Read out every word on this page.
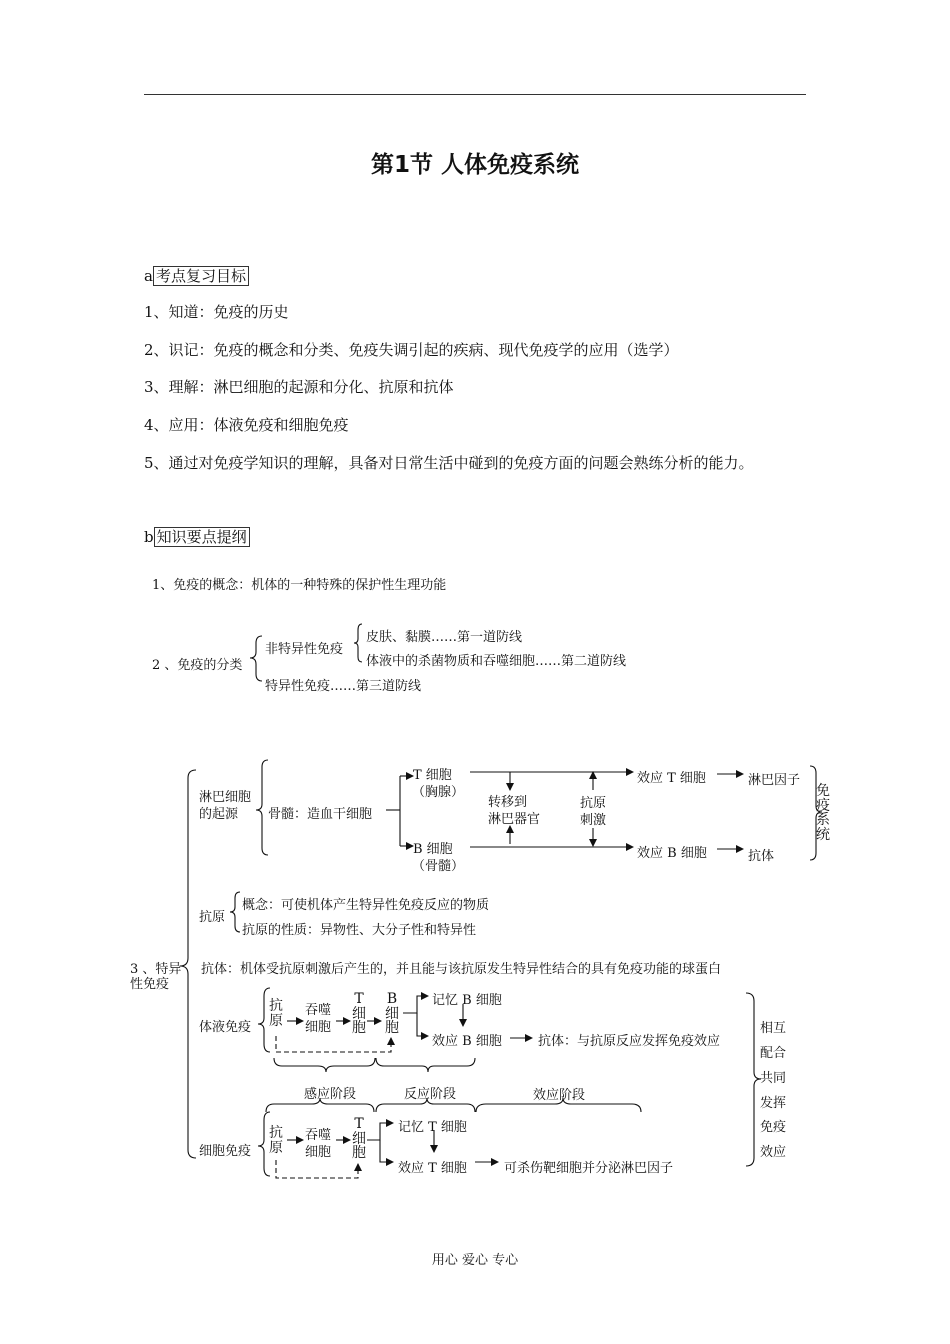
第1节 人体免疫系统
a 考点复习目标
1、知道：免疫的历史
2、识记：免疫的概念和分类、免疫失调引起的疾病、现代免疫学的应用（选学）
3、理解：淋巴细胞的起源和分化、抗原和抗体
4、应用：体液免疫和细胞免疫
5、通过对免疫学知识的理解，具备对日常生活中碰到的免疫方面的问题会熟练分析的能力。
b 知识要点提纲
1、免疫的概念：机体的一种特殊的保护性生理功能
2 、免疫的分类
非特异性免疫
皮肤、黏膜……第一道防线
体液中的杀菌物质和吞噬细胞……第二道防线
特异性免疫……第三道防线
3 、特异
性免疫
淋巴细胞
的起源 骨髓：造血干细胞
T 细胞
（胸腺）
B 细胞
（骨髓）
转移到
淋巴器官
抗原
刺激
效应 T 细胞
效应 B 细胞
淋巴因子
抗体
免疫系统
抗原
概念：可使机体产生特异性免疫反应的物质
抗原的性质：异物性、大分子性和特异性
抗体：机体受抗原刺激后产生的，并且能与该抗原发生特异性结合的具有免疫功能的球蛋白
体液免疫
抗原
吞噬
细胞
T细胞
B细胞
记忆 B 细胞
效应 B 细胞	抗体：与抗原反应发挥免疫效应
感应阶段	反应阶段	效应阶段
细胞免疫
抗原
吞噬
细胞
T细胞
记忆 T 细胞
效应 T 细胞	可杀伤靶细胞并分泌淋巴因子
相互
配合
共同
发挥
免疫
效应
用心 爱心 专心
